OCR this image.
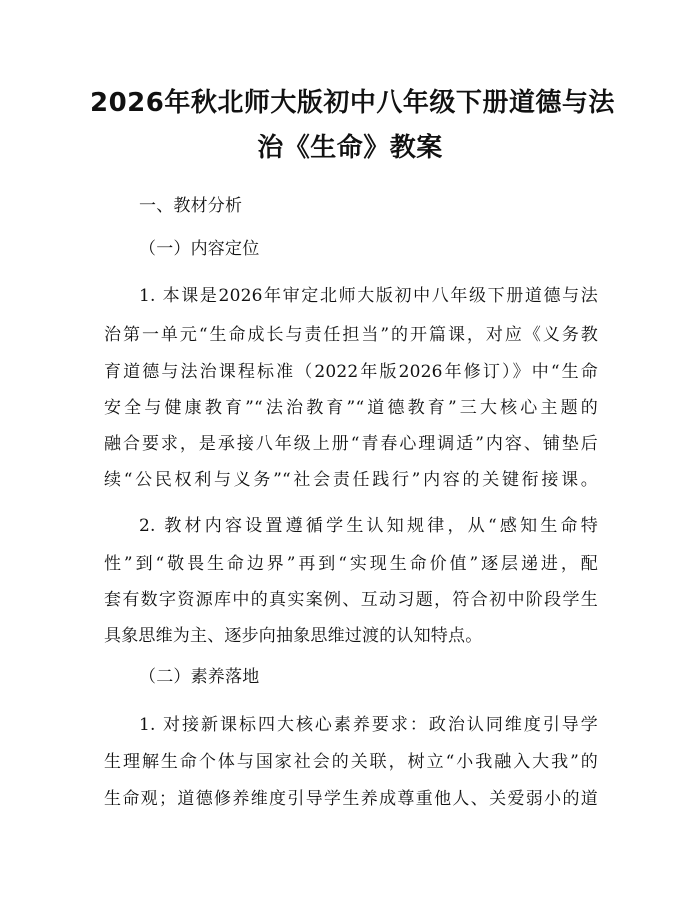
2026年秋北师大版初中八年级下册道德与法
治《生命》教案
一、教材分析
（一）内容定位
1. 本课是2026年审定北师大版初中八年级下册道德与法
治第一单元“生命成长与责任担当”的开篇课，对应《义务教
育道德与法治课程标准（2022年版2026年修订）》中“生命
安全与健康教育”“法治教育”“道德教育”三大核心主题的
融合要求，是承接八年级上册“青春心理调适”内容、铺垫后
续“公民权利与义务”“社会责任践行”内容的关键衔接课。
2. 教材内容设置遵循学生认知规律，从“感知生命特
性”到“敬畏生命边界”再到“实现生命价值”逐层递进，配
套有数字资源库中的真实案例、互动习题，符合初中阶段学生
具象思维为主、逐步向抽象思维过渡的认知特点。
（二）素养落地
1. 对接新课标四大核心素养要求：政治认同维度引导学
生理解生命个体与国家社会的关联，树立“小我融入大我”的
生命观；道德修养维度引导学生养成尊重他人、关爱弱小的道
